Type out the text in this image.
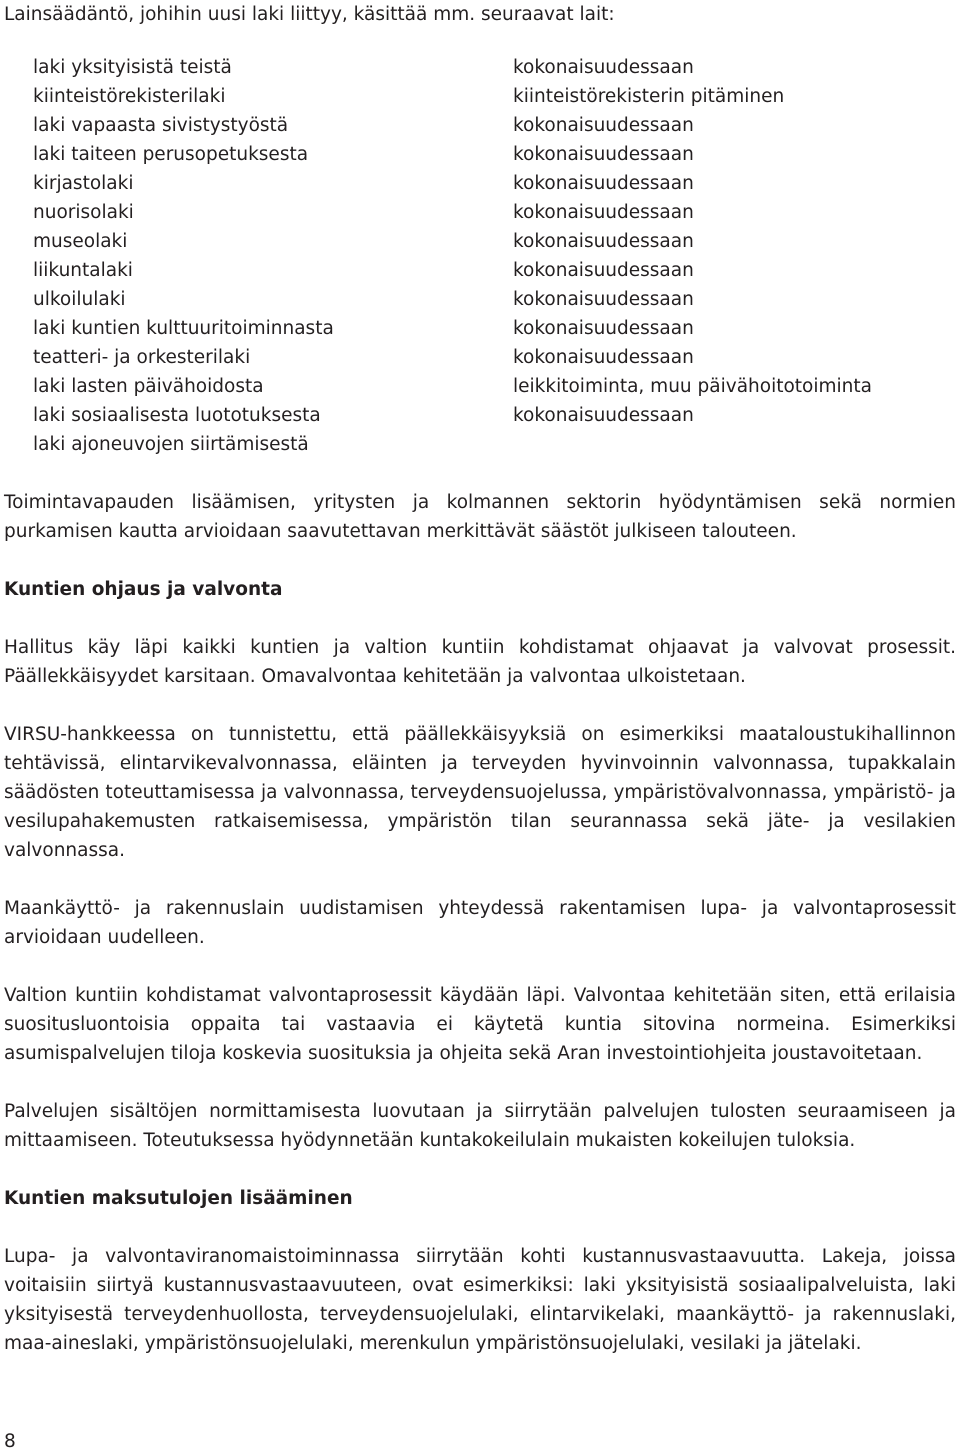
Lainsäädäntö, johihin uusi laki liittyy, käsittää mm. seuraavat lait:

laki yksityisistä teistä	kokonaisuudessaan
kiinteistörekisterilaki	kiinteistörekisterin pitäminen
laki vapaasta sivistystyöstä	kokonaisuudessaan
laki taiteen perusopetuksesta	kokonaisuudessaan
kirjastolaki	kokonaisuudessaan
nuorisolaki	kokonaisuudessaan
museolaki	kokonaisuudessaan
liikuntalaki	kokonaisuudessaan
ulkoilulaki	kokonaisuudessaan
laki kuntien kulttuuritoiminnasta	kokonaisuudessaan
teatteri- ja orkesterilaki	kokonaisuudessaan
laki lasten päivähoidosta	leikkitoiminta, muu päivähoitotoiminta
laki sosiaalisesta luototuksesta	kokonaisuudessaan
laki ajoneuvojen siirtämisestä	

Toimintavapauden lisäämisen, yritysten ja kolmannen sektorin hyödyntämisen sekä normien purkamisen kautta arvioidaan saavutettavan merkittävät säästöt julkiseen talouteen.

Kuntien ohjaus ja valvonta

Hallitus käy läpi kaikki kuntien ja valtion kuntiin kohdistamat ohjaavat ja valvovat prosessit. Päällekkäisyydet karsitaan. Omavalvontaa kehitetään ja valvontaa ulkoistetaan.

VIRSU-hankkeessa on tunnistettu, että päällekkäisyyksiä on esimerkiksi maataloustukihallinnon tehtävissä, elintarvikevalvonnassa, eläinten ja terveyden hyvinvoinnin valvonnassa, tupakkalain säädösten toteuttamisessa ja valvonnassa, terveydensuojelussa, ympäristövalvonnassa, ympäristö- ja vesilupahakemusten ratkaisemisessa, ympäristön tilan seurannassa sekä jäte- ja vesilakien valvonnassa.

Maankäyttö- ja rakennuslain uudistamisen yhteydessä rakentamisen lupa- ja valvontaprosessit arvioidaan uudelleen.

Valtion kuntiin kohdistamat valvontaprosessit käydään läpi. Valvontaa kehitetään siten, että erilaisia suositusluontoisia oppaita tai vastaavia ei käytetä kuntia sitovina normeina. Esimerkiksi asumispalvelujen tiloja koskevia suosituksia ja ohjeita sekä Aran investointiohjeita joustavoitetaan.

Palvelujen sisältöjen normittamisesta luovutaan ja siirrytään palvelujen tulosten seuraamiseen ja mittaamiseen. Toteutuksessa hyödynnetään kuntakokeilulain mukaisten kokeilujen tuloksia.

Kuntien maksutulojen lisääminen

Lupa- ja valvontaviranomaistoiminnassa siirrytään kohti kustannusvastaavuutta. Lakeja, joissa voitaisiin siirtyä kustannusvastaavuuteen, ovat esimerkiksi: laki yksityisistä sosiaalipalveluista, laki yksityisestä terveydenhuollosta, terveydensuojelulaki, elintarvikelaki, maankäyttö- ja rakennuslaki, maa-aineslaki, ympäristönsuojelulaki, merenkulun ympäristönsuojelulaki, vesilaki ja jätelaki.

8
